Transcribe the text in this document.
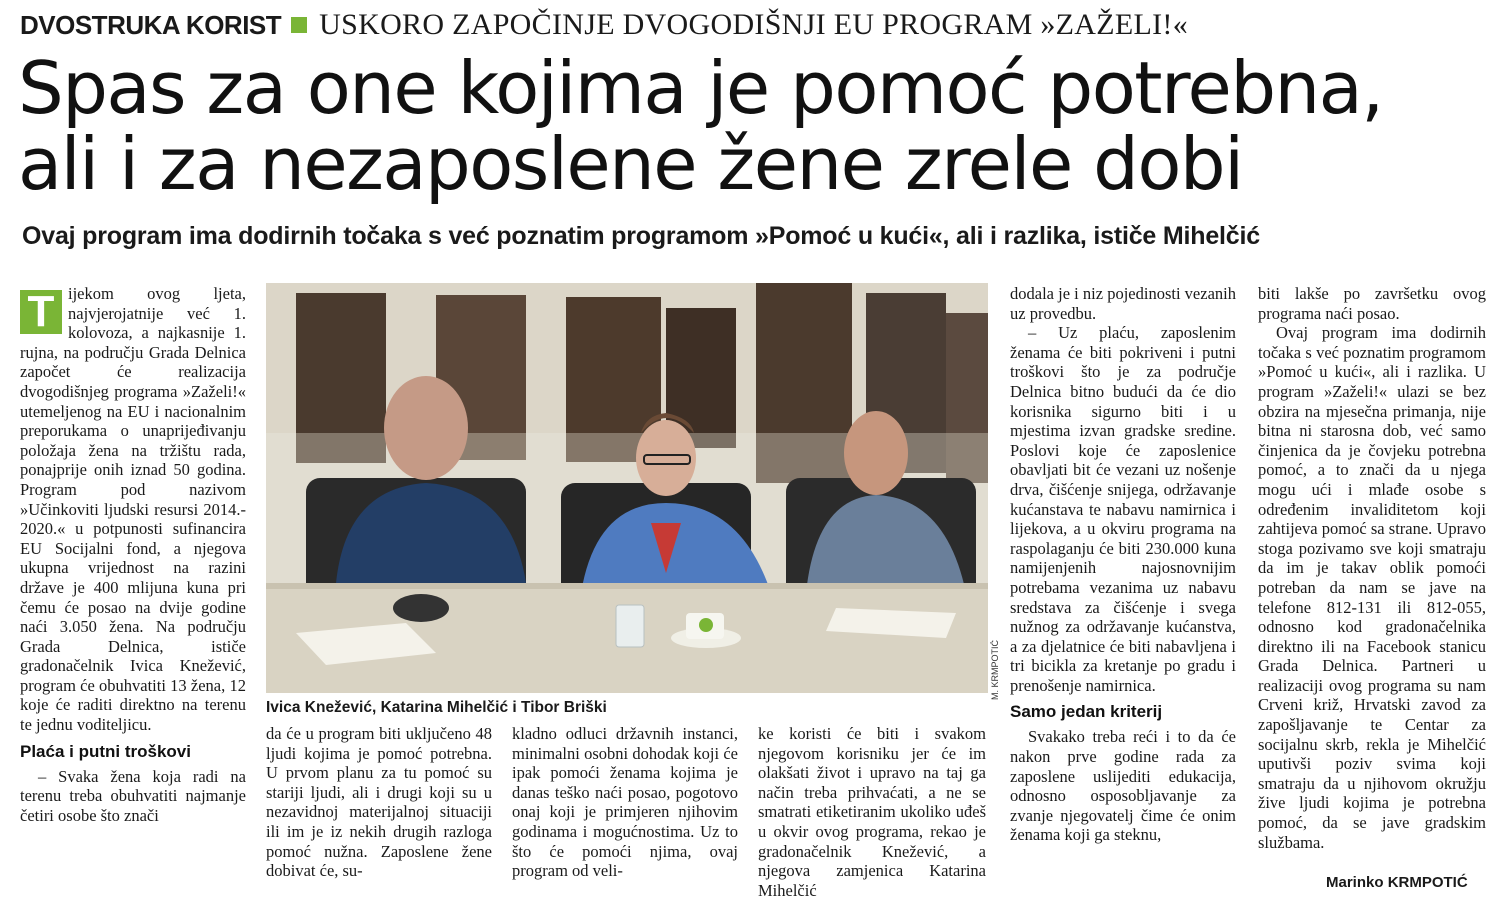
DVOSTRUKA KORIST USKORO ZAPOČINJE DVOGODIŠNJI EU PROGRAM »ZAŽELI!«
Spas za one kojima je pomoć potrebna,
ali i za nezaposlene žene zrele dobi
Ovaj program ima dodirnih točaka s već poznatim programom »Pomoć u kući«, ali i razlika, ističe Mihelčić

T ijekom ovog ljeta, najvjerojatnije već 1. kolovoza, a najkasnije 1. rujna, na području Grada Delnica započet će realizacija dvogodišnjeg programa »Zaželi!« utemeljenog na EU i nacionalnim preporukama o unaprijeđivanju položaja žena na tržištu rada, ponajprije onih iznad 50 godina. Program pod nazivom »Učinkoviti ljudski resursi 2014.- 2020.« u potpunosti sufinancira EU Socijalni fond, a njegova ukupna vrijednost na razini države je 400 mlijuna kuna pri čemu će posao na dvije godine naći 3.050 žena. Na području Grada Delnica, ističe gradonačelnik Ivica Knežević, program će obuhvatiti 13 žena, 12 koje će raditi direktno na terenu te jednu voditeljicu.

Plaća i putni troškovi

– Svaka žena koja radi na terenu treba obuhvatiti najmanje četiri osobe što znači

Ivica Knežević, Katarina Mihelčić i Tibor Briški
M. KRMPOTIĆ

da će u program biti uključeno 48 ljudi kojima je pomoć potrebna. U prvom planu za tu pomoć su stariji ljudi, ali i drugi koji su u nezavidnoj materijalnoj situaciji ili im je iz nekih drugih razloga pomoć nužna. Zaposlene žene dobivat će, su-

kladno odluci državnih instanci, minimalni osobni dohodak koji će ipak pomoći ženama kojima je danas teško naći posao, pogotovo onaj koji je primjeren njihovim godinama i mogućnostima. Uz to što će pomoći njima, ovaj program od veli-

ke koristi će biti i svakom njegovom korisniku jer će im olakšati život i upravo na taj ga način treba prihvaćati, a ne se smatrati etiketiranim ukoliko uđeš u okvir ovog programa, rekao je gradonačelnik Knežević, a njegova zamjenica Katarina Mihelčić

dodala je i niz pojedinosti vezanih uz provedbu.

– Uz plaću, zaposlenim ženama će biti pokriveni i putni troškovi što je za područje Delnica bitno budući da će dio korisnika sigurno biti i u mjestima izvan gradske sredine. Poslovi koje će zaposlenice obavljati bit će vezani uz nošenje drva, čišćenje snijega, održavanje kućanstava te nabavu namirnica i lijekova, a u okviru programa na raspolaganju će biti 230.000 kuna namijenjenih najosnovnijim potrebama vezanima uz nabavu sredstava za čišćenje i svega nužnog za održavanje kućanstva, a za djelatnice će biti nabavljena i tri bicikla za kretanje po gradu i prenošenje namirnica.

Samo jedan kriterij

Svakako treba reći i to da će nakon prve godine rada za zaposlene uslijediti edukacija, odnosno osposobljavanje za zvanje njegovatelj čime će onim ženama koji ga steknu,

biti lakše po završetku ovog programa naći posao.

Ovaj program ima dodirnih točaka s već poznatim programom »Pomoć u kući«, ali i razlika. U program »Zaželi!« ulazi se bez obzira na mjesečna primanja, nije bitna ni starosna dob, već samo činjenica da je čovjeku potrebna pomoć, a to znači da u njega mogu ući i mlađe osobe s određenim invaliditetom koji zahtijeva pomoć sa strane. Upravo stoga pozivamo sve koji smatraju da im je takav oblik pomoći potreban da nam se jave na telefone 812-131 ili 812-055, odnosno kod gradonačelnika direktno ili na Facebook stanicu Grada Delnica. Partneri u realizaciji ovog programa su nam Crveni križ, Hrvatski zavod za zapošljavanje te Centar za socijalnu skrb, rekla je Mihelčić uputivši poziv svima koji smatraju da u njihovom okružju žive ljudi kojima je potrebna pomoć, da se jave gradskim službama.

Marinko KRMPOTIĆ
